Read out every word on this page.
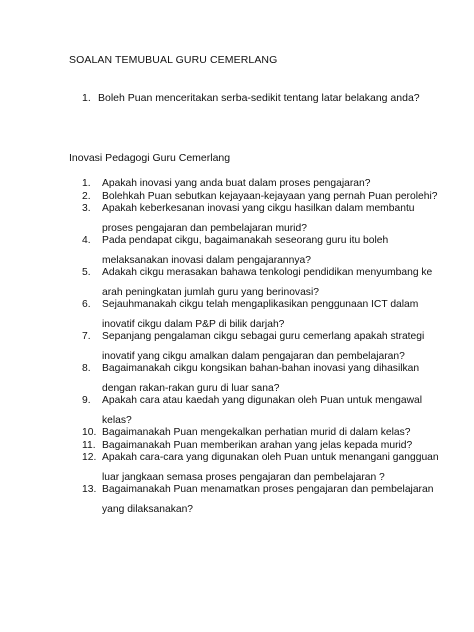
SOALAN TEMUBUAL GURU CEMERLANG
1. Boleh Puan menceritakan serba-sedikit tentang latar belakang anda?
Inovasi Pedagogi Guru Cemerlang
1. Apakah inovasi yang anda buat dalam proses pengajaran?
2. Bolehkah Puan sebutkan kejayaan-kejayaan yang pernah Puan perolehi?
3. Apakah keberkesanan inovasi yang cikgu hasilkan dalam membantu
proses pengajaran dan pembelajaran murid?
4. Pada pendapat cikgu, bagaimanakah seseorang guru itu boleh
melaksanakan inovasi dalam pengajarannya?
5. Adakah cikgu merasakan bahawa tenkologi pendidikan menyumbang ke
arah peningkatan jumlah guru yang berinovasi?
6. Sejauhmanakah cikgu telah mengaplikasikan penggunaan ICT dalam
inovatif cikgu dalam P&P di bilik darjah?
7. Sepanjang pengalaman cikgu sebagai guru cemerlang apakah strategi
inovatif yang cikgu amalkan dalam pengajaran dan pembelajaran?
8. Bagaimanakah cikgu kongsikan bahan-bahan inovasi yang dihasilkan
dengan rakan-rakan guru di luar sana?
9. Apakah cara atau kaedah yang digunakan oleh Puan untuk mengawal
kelas?
10. Bagaimanakah Puan mengekalkan perhatian murid di dalam kelas?
11. Bagaimanakah Puan memberikan arahan yang jelas kepada murid?
12. Apakah cara-cara yang digunakan oleh Puan untuk menangani gangguan
luar jangkaan semasa proses pengajaran dan pembelajaran ?
13. Bagaimanakah Puan menamatkan proses pengajaran dan pembelajaran
yang dilaksanakan?
